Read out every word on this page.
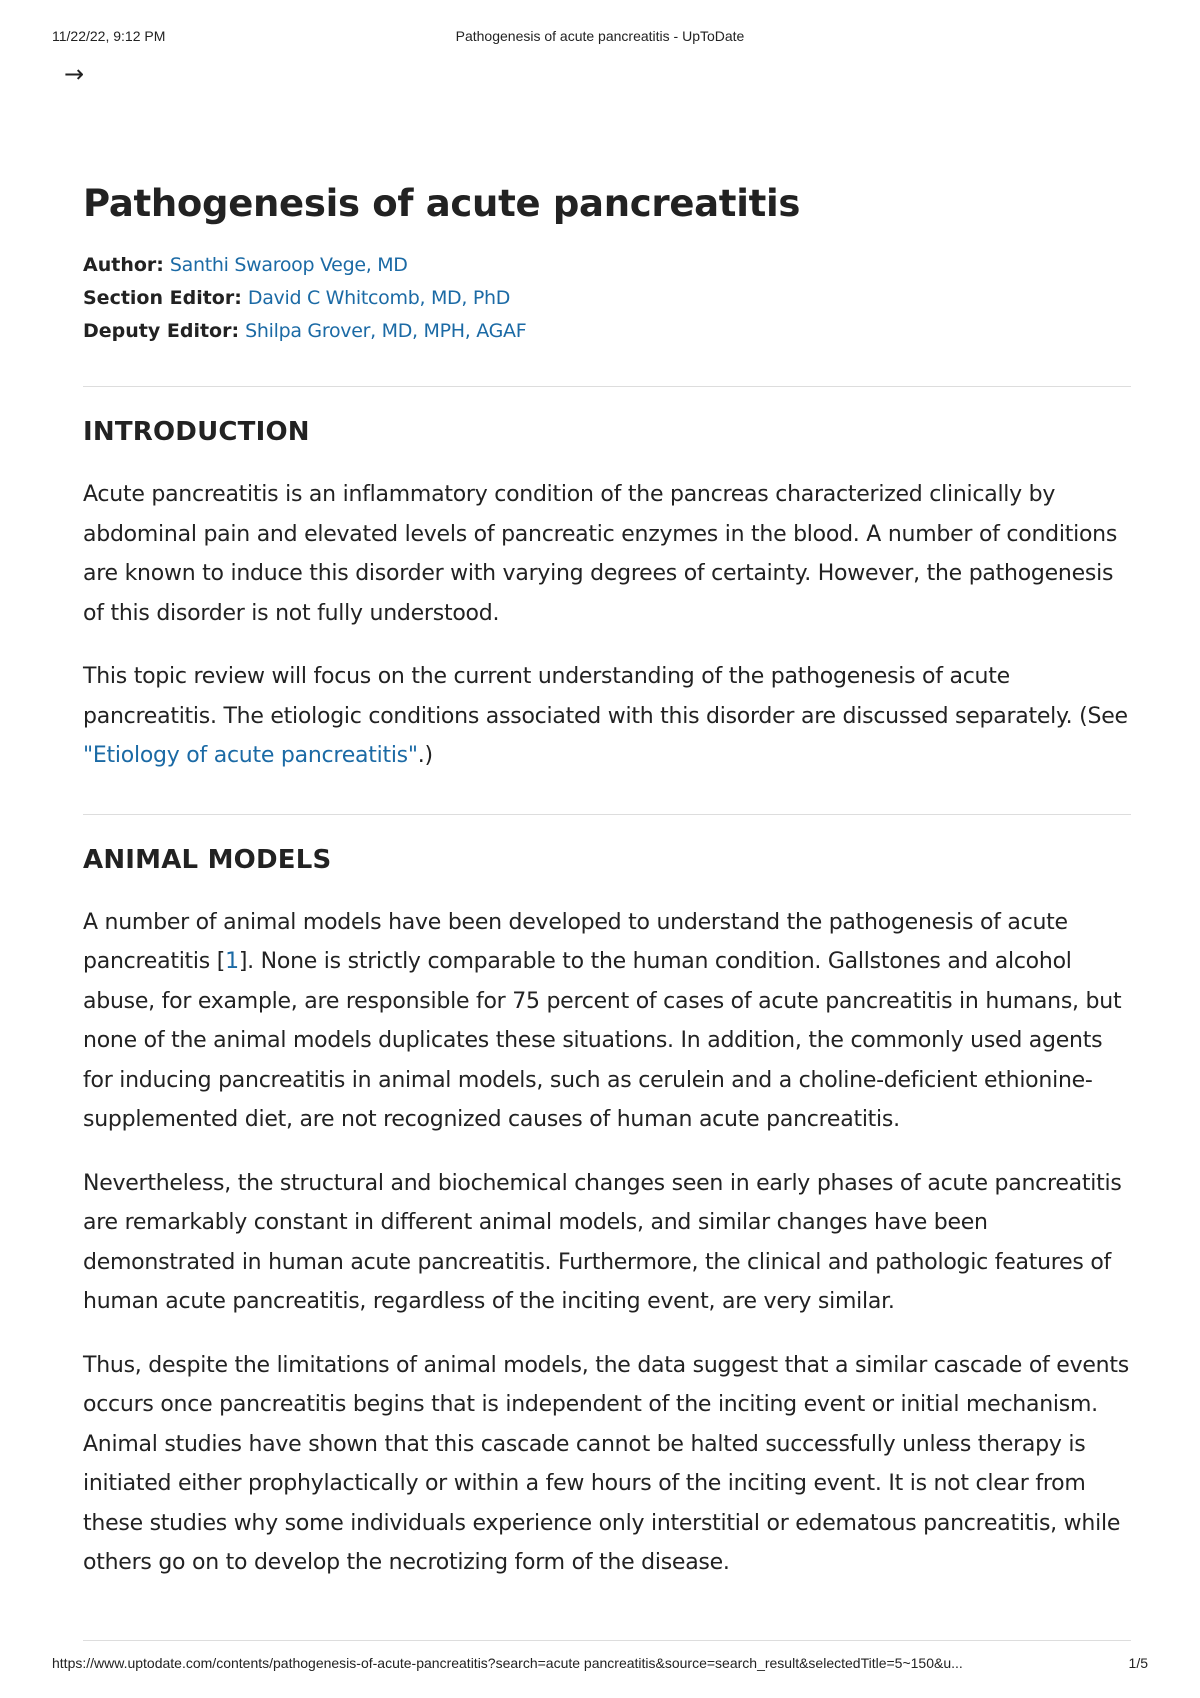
11/22/22, 9:12 PM	Pathogenesis of acute pancreatitis - UpToDate
→
Pathogenesis of acute pancreatitis
Author: Santhi Swaroop Vege, MD
Section Editor: David C Whitcomb, MD, PhD
Deputy Editor: Shilpa Grover, MD, MPH, AGAF
INTRODUCTION

Acute pancreatitis is an inflammatory condition of the pancreas characterized clinically by abdominal pain and elevated levels of pancreatic enzymes in the blood. A number of conditions are known to induce this disorder with varying degrees of certainty. However, the pathogenesis of this disorder is not fully understood.

This topic review will focus on the current understanding of the pathogenesis of acute pancreatitis. The etiologic conditions associated with this disorder are discussed separately. (See "Etiology of acute pancreatitis".)

ANIMAL MODELS

A number of animal models have been developed to understand the pathogenesis of acute pancreatitis [1]. None is strictly comparable to the human condition. Gallstones and alcohol abuse, for example, are responsible for 75 percent of cases of acute pancreatitis in humans, but none of the animal models duplicates these situations. In addition, the commonly used agents for inducing pancreatitis in animal models, such as cerulein and a choline-deficient ethionine-supplemented diet, are not recognized causes of human acute pancreatitis.

Nevertheless, the structural and biochemical changes seen in early phases of acute pancreatitis are remarkably constant in different animal models, and similar changes have been demonstrated in human acute pancreatitis. Furthermore, the clinical and pathologic features of human acute pancreatitis, regardless of the inciting event, are very similar.

Thus, despite the limitations of animal models, the data suggest that a similar cascade of events occurs once pancreatitis begins that is independent of the inciting event or initial mechanism. Animal studies have shown that this cascade cannot be halted successfully unless therapy is initiated either prophylactically or within a few hours of the inciting event. It is not clear from these studies why some individuals experience only interstitial or edematous pancreatitis, while others go on to develop the necrotizing form of the disease.

https://www.uptodate.com/contents/pathogenesis-of-acute-pancreatitis?search=acute pancreatitis&source=search_result&selectedTitle=5~150&u...	1/5
